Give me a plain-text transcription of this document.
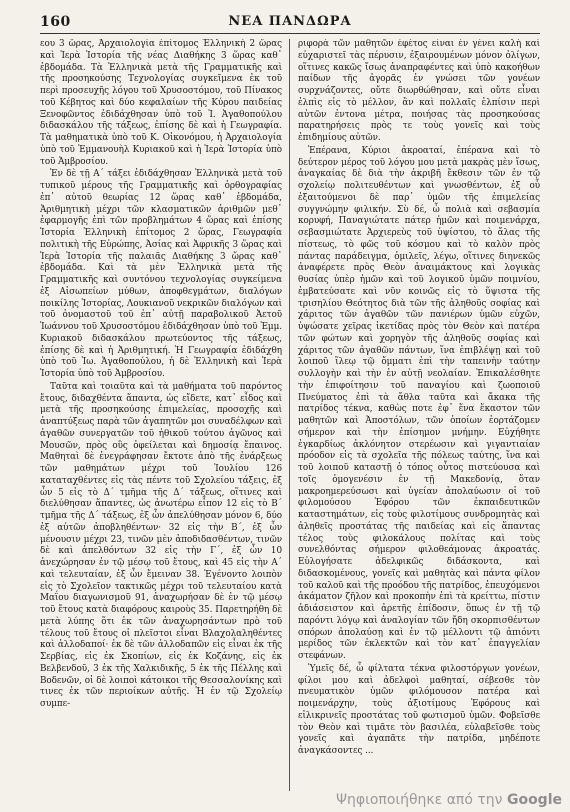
160	ΝΕΑ ΠΑΝΔΩΡΑ

εου 3 ὥρας, Ἀρχαιολογία ἐπίτομος Ἑλληνικὴ 2 ὥρας καὶ Ἱερὰ Ἱστορία τῆς νέας Διαθήκης 3 ὥρας καθ᾽ ἑβδομάδα. Τὰ Ἑλληνικὰ μετὰ τῆς Γραμματικῆς καὶ τῆς προσηκούσης Τεχνολογίας συγκεῖμενα ἐκ τοῦ περὶ προσευχῆς λόγου τοῦ Χρυσοστόμου, τοῦ Πίνακος τοῦ Κέβητος καὶ δύο κεφαλαίων τῆς Κύρου παιδείας Ξενοφῶντος ἐδιδάχθησαν ὑπὸ τοῦ Ἰ. Ἀγαθοπούλου διδασκάλου τῆς τάξεως, ἐπίσης δὲ καὶ ἡ Γεωγραφία. Τὰ μαθηματικὰ ὑπὸ τοῦ Κ. Οἰκονόμου, ἡ Ἀρχαιολογία ὑπὸ τοῦ Ἐμμανουὴλ Κυριακοῦ καὶ ἡ Ἱερὰ Ἱστορία ὑπὸ τοῦ Ἀμβροσίου.

Ἐν δὲ τῇ Α΄ τάξει ἐδιδάχθησαν Ἑλληνικὰ μετὰ τοῦ τυπικοῦ μέρους τῆς Γραμματικῆς καὶ ὀρθογραφίας ἐπ᾽ αὐτοῦ θεωρίας 12 ὥρας καθ᾽ ἑβδομάδα, Ἀριθμητικὴ μέχρι τῶν κλασματικῶν ἀριθμῶν μεθ᾽ ἐφαρμογῆς ἐπὶ τῶν προβλημάτων 4 ὥρας καὶ ἐπίσης Ἱστορία Ἑλληνικὴ ἐπίτομος 2 ὥρας, Γεωγραφία πολιτικὴ τῆς Εὐρώπης, Ἀσίας καὶ Ἀφρικῆς 3 ὥρας καὶ Ἱερὰ Ἱστορία τῆς παλαιᾶς Διαθήκης 3 ὥρας καθ᾽ ἑβδομάδα. Καὶ τὰ μὲν Ἑλληνικὰ μετὰ τῆς Γραμματικῆς καὶ συντόνου τεχνολογίας συγκείμενα ἐξ Αἰσωπείων μύθων, ἀποφθεγμάτων, διαλόγων ποικίλης Ἱστορίας, Λουκιανοῦ νεκρικῶν διαλόγων καὶ τοῦ ὀνομαστοῦ τοῦ ἐπ᾽ αὐτῇ παραβολικοῦ Ἀετοῦ Ἰωάννου τοῦ Χρυσοστόμου ἐδιδάχθησαν ὑπὸ τοῦ Ἐμμ. Κυριακοῦ διδασκάλου πρωτεύοντος τῆς τάξεως, ἐπίσης δὲ καὶ ἡ Ἀριθμητική. Ἡ Γεωγραφία ἐδιδάχθη ὑπὸ τοῦ Ἰω. Ἀγαθοπούλου, ἡ δὲ Ἑλληνικὴ καὶ Ἱερὰ Ἱστορία ὑπὸ τοῦ Ἀμβροσίου.

Ταῦτα καὶ τοιαῦτα καὶ τὰ μαθήματα τοῦ παρόντος ἔτους, διδαχθέντα ἅπαντα, ὡς εἴδετε, κατ᾽ εἶδος καὶ μετὰ τῆς προσηκούσης ἐπιμελείας, προσοχῆς καὶ ἀναπτύξεως παρὰ τῶν ἀγαπητῶν μοι συναδέλφων καὶ ἀγαθῶν συνεργατῶν τοῦ ἠθικοῦ τούτου ἀγῶνος καὶ Μουσῶν, πρὸς οὓς ὀφείλεται καὶ δημοσίᾳ ἔπαινος. Μαθηταὶ δὲ ἐνεγράφησαν ἔκτοτε ἀπὸ τῆς ἐνάρξεως τῶν μαθημάτων μέχρι τοῦ Ἰουλίου 126 καταταχθέντες εἰς τὰς πέντε τοῦ Σχολείου τάξεις, ἐξ ὧν 5 εἰς τὸ Δ΄ τμῆμα τῆς Δ΄ τάξεως, οἵτινες καὶ διελύθησαν ἅπαντες, ὡς ἀνωτέρω εἶπον 12 εἰς τὸ Β΄ τμῆμα τῆς Δ΄ τάξεως, ἐξ ὧν ἀπελύθησαν μόνον 6, δύο ἐξ αὐτῶν ἀποβληθέντων· 32 εἰς τὴν Β΄, ἐξ ὧν μένουσιν μέχρι 23, τινῶν μὲν ἀποδιδασθέντων, τινῶν δὲ καὶ ἀπελθόντων 32 εἰς τὴν Γ΄, ἐξ ὧν 10 ἀνεχώρησαν ἐν τῷ μέσῳ τοῦ ἔτους, καὶ 45 εἰς τὴν Α΄ καὶ τελευταίαν, ἐξ ὧν ἔμειναν 38. Ἐγένοντο λοιπὸν εἰς τὸ Σχολεῖον τακτικῶς μέχρι τοῦ τελευταίου κατὰ Μαΐου διαγωνισμοῦ 91, ἀναχωρήσαν δὲ ἐν τῷ μέσῳ τοῦ ἔτους κατὰ διαφόρους καιροὺς 35. Παρετηρήθη δὲ μετὰ λύπης ὅτι ἐκ τῶν ἀναχωρησάντων πρὸ τοῦ τέλους τοῦ ἔτους οἱ πλεῖστοι εἶναι Βλαχολαληθέντες καὶ ἀλλοδαποί· ἐκ δὲ τῶν ἀλλοδαπῶν εἰς εἶναι ἐκ τῆς Σερβίας, εἰς ἐκ Σκοπίων, εἰς ἐκ Κοζάνης, εἰς ἐκ Βελβενδοῦ, 3 ἐκ τῆς Χαλκιδικῆς, 5 ἐκ τῆς Πέλλης καὶ Βοδενῶν, οἱ δὲ λοιποὶ κάτοικοι τῆς Θεσσαλονίκης καὶ τινες ἐκ τῶν περιοίκων αὐτῆς. Ἡ ἐν τῷ Σχολείῳ συμπε-

ριφορὰ τῶν μαθητῶν ἐφέτος εἶναι ἐν γένει καλὴ καὶ εὐχαριστεῖ τὰς πέρυσιν, ἐξαιρουμένων μόνον ὀλίγων, οἵτινες κακῶς ἴσως ἀναπραφέντες καὶ ὑπὸ κακοήθων παίδων τῆς ἀγορᾶς ἐν γνώσει τῶν γονέων συρχνάζοντες, οὔτε διωρθώθησαν, καὶ οὔτε εἶναι ἐλπὶς εἰς τὸ μέλλον, ἂν καὶ πολλαῖς ἐλπίσιν περὶ αὐτῶν ἐντονα μέτρα, ποιήσας τὰς προσηκούσας παρατηρήσεις πρὸς τε τοὺς γονεῖς καὶ τοὺς ἐπιδημίους αὐτῶν.

Ἐπέρανα, Κύριοι ἀκροαταί, ἐπέρανα καὶ τὸ δεύτερον μέρος τοῦ λόγου μου μετὰ μακρὰς μὲν ἴσως, ἀναγκαίας δὲ διὰ τὴν ἀκριβῆ ἔκθεσιν τῶν ἐν τῷ σχολείῳ πολιτευθέντων καὶ γνωσθέντων, ἐξ οὗ ἐξαιτούμενοι δὲ παρ᾽ ὑμῶν τῆς ἐπιμελείας συγγνώμην φιλικήν. Σὺ δέ, ὦ πολιὰ καὶ σεβασμία κορυφή, Παναγιώτατε πάτερ ἡμῶν καὶ ποιμενάρχα, σεβασμιώτατε Ἀρχιερεὺς τοῦ ὑψίστου, τὸ ἄλας τῆς πίστεως, τὸ φῶς τοῦ κόσμου καὶ τὸ καλὸν πρὸς πάντας παράδειγμα, ὁμιλεῖς, λέγω, οἵτινες διηνεκῶς ἀναφέρετε πρὸς Θεὸν ἀναιμάκτους καὶ λογικὰς θυσίας ὑπὲρ ἡμῶν καὶ τοῦ λογικοῦ ὑμῶν ποιμνίου, ἐμβατεύσατε καὶ νῦν κοινῶς εἰς τὸ ὕψιστα τῆς τρισηλίου Θεότητος διὰ τῶν τῆς ἀληθοῦς σοφίας καὶ χάριτος τῶν ἀγαθῶν τῶν πανιέρων ὑμῶν εὐχῶν, ὑψώσατε χεῖρας ἱκετίδας πρὸς τὸν Θεὸν καὶ πατέρα τῶν φώτων καὶ χορηγὸν τῆς ἀληθοῦς σοφίας καὶ χάριτος τῶν ἀγαθῶν πάντων, ἵνα ἐπιβλέψῃ καὶ τοῦ λοιποῦ ἵλεῳ τῷ ὄμματι ἐπὶ τὴν ταπεινὴν ταύτην συλλογὴν καὶ τὴν ἐν αὐτῇ νεολαίαν. Ἐπικαλέσθητε τὴν ἐπιφοίτησιν τοῦ παναγίου καὶ ζωοποιοῦ Πνεύματος ἐπὶ τὰ ἄθλα ταῦτα καὶ ἄκακα τῆς πατρίδος τέκνα, καθὼς ποτε ἐφ᾽ ἕνα ἕκαστον τῶν μαθητῶν καὶ Ἀποστόλων, τῶν ὁποίων ἑορτάζομεν σήμερον καὶ τὴν ἐπίσημον μνήμην. Εὐχήθητε ἐγκαρδίως ἀκλόνητον στερέωσιν καὶ γιγαντιαίαν πρόοδον εἰς τὰ σχολεῖα τῆς πόλεως ταύτης, ἵνα καὶ τοῦ λοιποῦ καταστῇ ὁ τόπος οὗτος πιστεύουσα καὶ τοῖς ὁμογενέσιν ἐν τῇ Μακεδονίᾳ, ὅταν μακροημερεύσωσι καὶ ὑγείαν ἀπολαύωσιν οἱ τοῦ φιλομούσου Ἐφόρου τῶν ἐκπαιδευτικῶν καταστημάτων, εἰς τοὺς φιλοτίμους συνδρομητὰς καὶ ἀληθεῖς προστάτας τῆς παιδείας καὶ εἰς ἅπαντας τέλος τοὺς φιλοκάλους πολίτας καὶ τοὺς συνελθόντας σήμερον φιλοθεάμονας ἀκροατάς. Εὐλογήσατε ἀδελφικῶς διδάσκοντα, καὶ διδασκομένους, γονεῖς καὶ μαθητὰς καὶ πάντα φίλον τοῦ καλοῦ καὶ τῆς προόδου τῆς πατρίδος, ἐπευχόμενοι ἀκάματον ζῆλον καὶ προκοπὴν ἐπὶ τὰ κρείττω, πίστιν ἀδιάσειστον καὶ ἀρετῆς ἐπίδοσιν, ὅπως ἐν τῇ τῷ παρόντι λόγῳ καὶ ἀναλογίαν τῶν ἤδη σκορπισθέντων σπόρων ἀπολαύσῃ καὶ ἐν τῷ μέλλοντι τῷ ἀπιόντι μερίδος τῶν ἐκλεκτῶν καὶ τὸν κατ᾽ ἐπαγγελίαν στεφάνων.

Ὑμεῖς δέ, ὦ φίλτατα τέκνα φιλοστόργων γονέων, φίλοι μου καὶ ἀδελφοὶ μαθηταί, σέβεσθε τὸν πνευματικὸν ὑμῶν φιλόμουσον πατέρα καὶ ποιμενάρχην, τοὺς ἀξιοτίμους Ἐφόρους καὶ εἰλικρινεῖς προστάτας τοῦ φωτισμοῦ ὑμῶν. Φοβεῖσθε τὸν Θεὸν καὶ τιμᾶτε τὸν βασιλέα, εὐλαβεῖσθε τοὺς γονεῖς καὶ ἀγαπᾶτε τὴν πατρίδα, μηδέποτε ἀναγκάσοντες ...

Ψηφιοποιήθηκε από την Google
